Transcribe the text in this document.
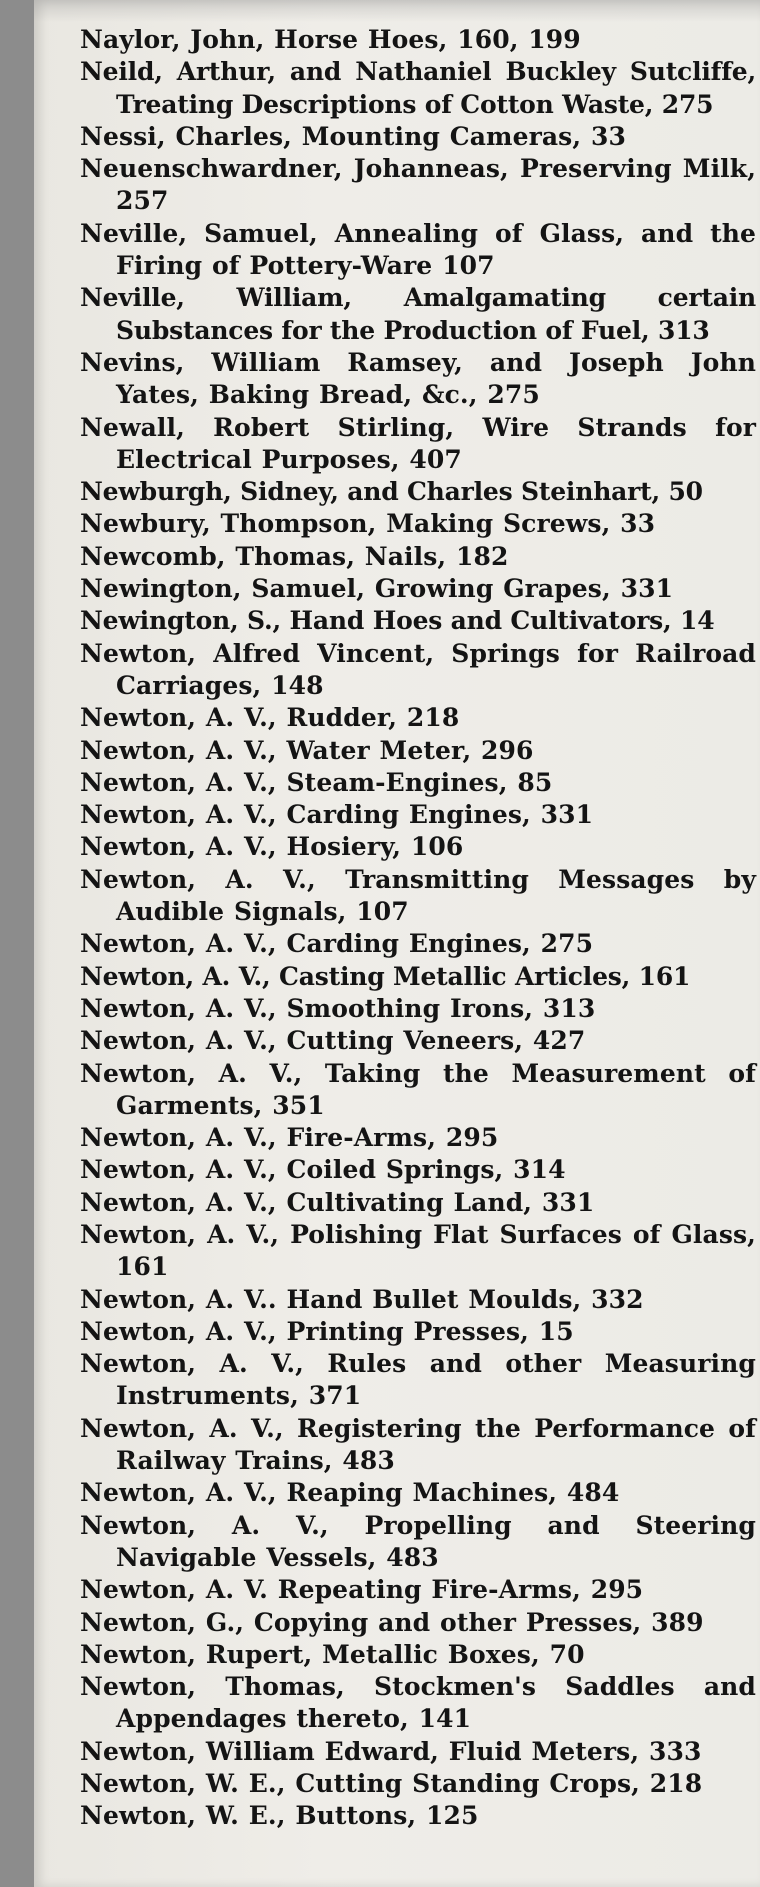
Naylor, John, Horse Hoes, 160, 199
Neild, Arthur, and Nathaniel Buckley Sutcliffe, Treating Descriptions of Cotton Waste, 275
Nessi, Charles, Mounting Cameras, 33
Neuenschwardner, Johanneas, Preserving Milk, 257
Neville, Samuel, Annealing of Glass, and the Firing of Pottery-Ware 107
Neville, William, Amalgamating certain Substances for the Production of Fuel, 313
Nevins, William Ramsey, and Joseph John Yates, Baking Bread, &c., 275
Newall, Robert Stirling, Wire Strands for Electrical Purposes, 407
Newburgh, Sidney, and Charles Steinhart, 50
Newbury, Thompson, Making Screws, 33
Newcomb, Thomas, Nails, 182
Newington, Samuel, Growing Grapes, 331
Newington, S., Hand Hoes and Cultivators, 14
Newton, Alfred Vincent, Springs for Railroad Carriages, 148
Newton, A. V., Rudder, 218
Newton, A. V., Water Meter, 296
Newton, A. V., Steam-Engines, 85
Newton, A. V., Carding Engines, 331
Newton, A. V., Hosiery, 106
Newton, A. V., Transmitting Messages by Audible Signals, 107
Newton, A. V., Carding Engines, 275
Newton, A. V., Casting Metallic Articles, 161
Newton, A. V., Smoothing Irons, 313
Newton, A. V., Cutting Veneers, 427
Newton, A. V., Taking the Measurement of Garments, 351
Newton, A. V., Fire-Arms, 295
Newton, A. V., Coiled Springs, 314
Newton, A. V., Cultivating Land, 331
Newton, A. V., Polishing Flat Surfaces of Glass, 161
Newton, A. V.. Hand Bullet Moulds, 332
Newton, A. V., Printing Presses, 15
Newton, A. V., Rules and other Measuring Instruments, 371
Newton, A. V., Registering the Performance of Railway Trains, 483
Newton, A. V., Reaping Machines, 484
Newton, A. V., Propelling and Steering Navigable Vessels, 483
Newton, A. V. Repeating Fire-Arms, 295
Newton, G., Copying and other Presses, 389
Newton, Rupert, Metallic Boxes, 70
Newton, Thomas, Stockmen's Saddles and Appendages thereto, 141
Newton, William Edward, Fluid Meters, 333
Newton, W. E., Cutting Standing Crops, 218
Newton, W. E., Buttons, 125
